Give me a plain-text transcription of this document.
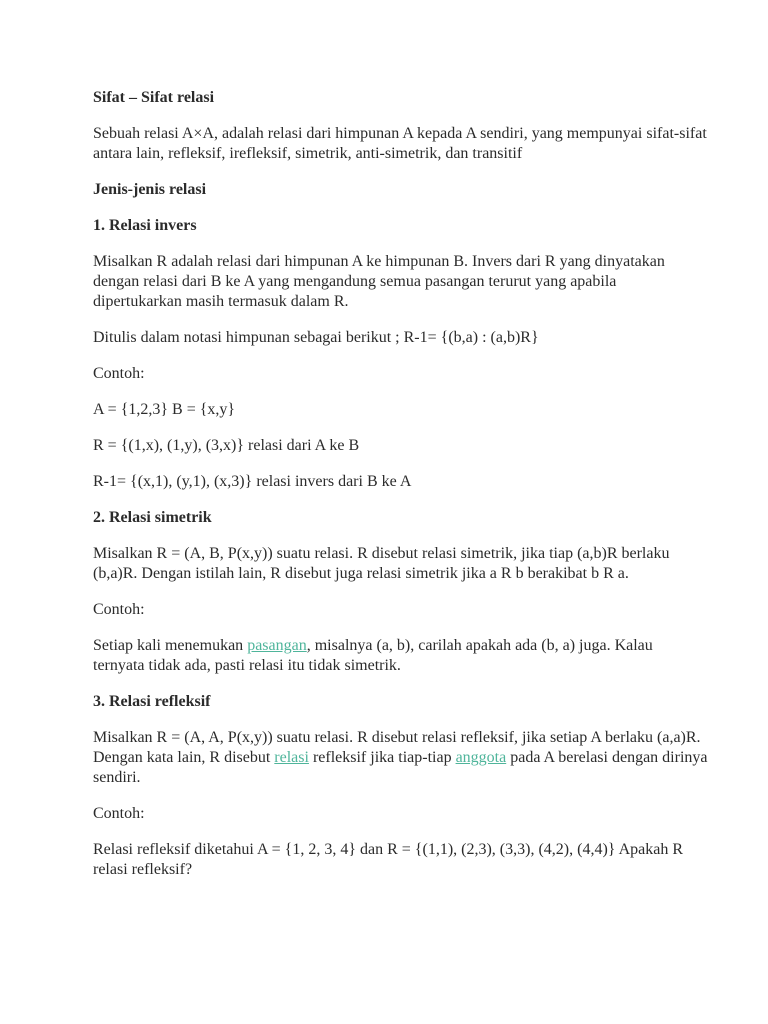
Sifat – Sifat relasi

Sebuah relasi A×A, adalah relasi dari himpunan A kepada A sendiri, yang mempunyai sifat-sifat antara lain, refleksif, irefleksif, simetrik, anti-simetrik, dan transitif

Jenis-jenis relasi

1. Relasi invers

Misalkan R adalah relasi dari himpunan A ke himpunan B. Invers dari R yang dinyatakan dengan relasi dari B ke A yang mengandung semua pasangan terurut yang apabila dipertukarkan masih termasuk dalam R.

Ditulis dalam notasi himpunan sebagai berikut ; R-1= {(b,a) : (a,b)R}

Contoh:

A = {1,2,3} B = {x,y}

R = {(1,x), (1,y), (3,x)} relasi dari A ke B

R-1= {(x,1), (y,1), (x,3)} relasi invers dari B ke A

2. Relasi simetrik

Misalkan R = (A, B, P(x,y)) suatu relasi. R disebut relasi simetrik, jika tiap (a,b)R berlaku (b,a)R. Dengan istilah lain, R disebut juga relasi simetrik jika a R b berakibat b R a.

Contoh:

Setiap kali menemukan pasangan, misalnya (a, b), carilah apakah ada (b, a) juga. Kalau ternyata tidak ada, pasti relasi itu tidak simetrik.

3. Relasi refleksif

Misalkan R = (A, A, P(x,y)) suatu relasi. R disebut relasi refleksif, jika setiap A berlaku (a,a)R. Dengan kata lain, R disebut relasi refleksif jika tiap-tiap anggota pada A berelasi dengan dirinya sendiri.

Contoh:

Relasi refleksif diketahui A = {1, 2, 3, 4} dan R = {(1,1), (2,3), (3,3), (4,2), (4,4)} Apakah R relasi refleksif?
